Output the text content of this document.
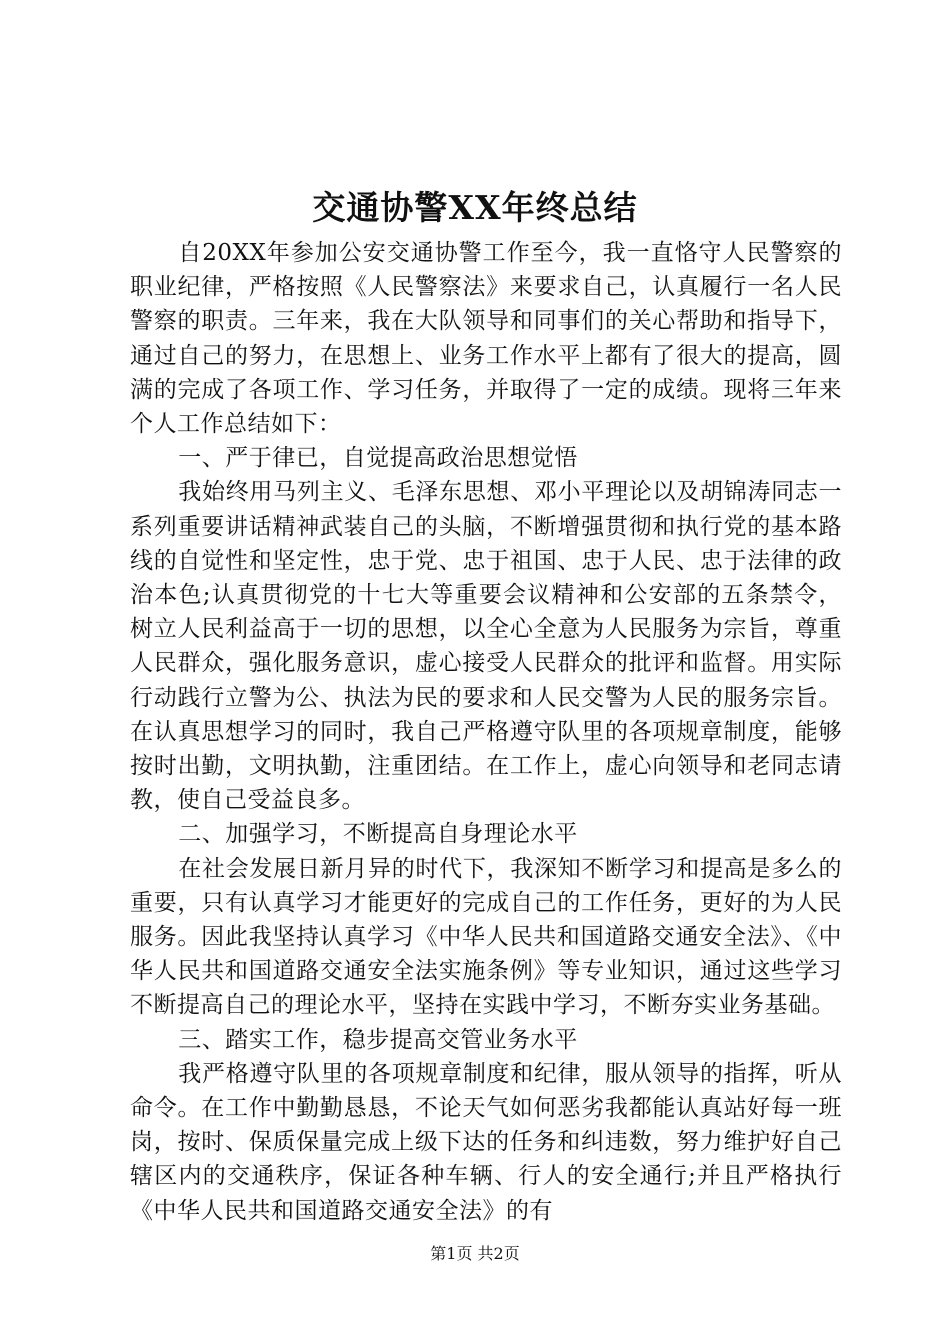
交通协警XX年终总结

自20XX年参加公安交通协警工作至今，我一直恪守人民警察的职业纪律，严格按照《人民警察法》来要求自己，认真履行一名人民警察的职责。三年来，我在大队领导和同事们的关心帮助和指导下，通过自己的努力，在思想上、业务工作水平上都有了很大的提高，圆满的完成了各项工作、学习任务，并取得了一定的成绩。现将三年来个人工作总结如下：

一、严于律已，自觉提高政治思想觉悟

我始终用马列主义、毛泽东思想、邓小平理论以及胡锦涛同志一系列重要讲话精神武装自己的头脑，不断增强贯彻和执行党的基本路线的自觉性和坚定性，忠于党、忠于祖国、忠于人民、忠于法律的政治本色;认真贯彻党的十七大等重要会议精神和公安部的五条禁令，树立人民利益高于一切的思想，以全心全意为人民服务为宗旨，尊重人民群众，强化服务意识，虚心接受人民群众的批评和监督。用实际行动践行立警为公、执法为民的要求和人民交警为人民的服务宗旨。在认真思想学习的同时，我自己严格遵守队里的各项规章制度，能够按时出勤，文明执勤，注重团结。在工作上，虚心向领导和老同志请教，使自己受益良多。

二、加强学习，不断提高自身理论水平

在社会发展日新月异的时代下，我深知不断学习和提高是多么的重要，只有认真学习才能更好的完成自己的工作任务，更好的为人民服务。因此我坚持认真学习《中华人民共和国道路交通安全法》、《中华人民共和国道路交通安全法实施条例》等专业知识，通过这些学习不断提高自己的理论水平，坚持在实践中学习，不断夯实业务基础。

三、踏实工作，稳步提高交管业务水平

我严格遵守队里的各项规章制度和纪律，服从领导的指挥，听从命令。在工作中勤勤恳恳，不论天气如何恶劣我都能认真站好每一班岗，按时、保质保量完成上级下达的任务和纠违数，努力维护好自己辖区内的交通秩序，保证各种车辆、行人的安全通行;并且严格执行《中华人民共和国道路交通安全法》的有

第1页 共2页
